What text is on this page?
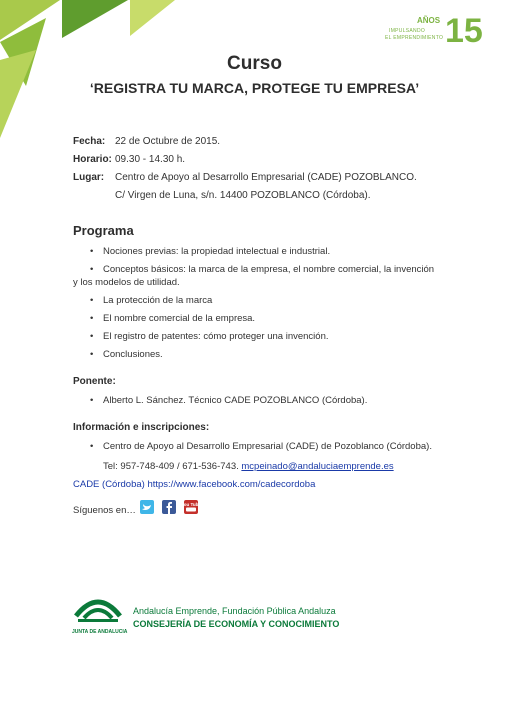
AÑOS 15
IMPULSANDO
EL EMPRENDIMIENTO
Curso
‘REGISTRA TU MARCA, PROTEGE TU EMPRESA’
Fecha: 22 de Octubre de 2015.
Horario: 09.30 - 14.30 h.
Lugar: Centro de Apoyo al Desarrollo Empresarial (CADE) POZOBLANCO.
C/ Virgen de Luna, s/n. 14400 POZOBLANCO (Córdoba).
Programa
• Nociones previas: la propiedad intelectual e industrial.
• Conceptos básicos: la marca de la empresa, el nombre comercial, la invención
y los modelos de utilidad.
• La protección de la marca
• El nombre comercial de la empresa.
• El registro de patentes: cómo proteger una invención.
• Conclusiones.
Ponente:
• Alberto L. Sánchez. Técnico CADE POZOBLANCO (Córdoba).
Información e inscripciones:
• Centro de Apoyo al Desarrollo Empresarial (CADE) de Pozoblanco (Córdoba).
Tel: 957-748-409 / 671-536-743. mcpeinado@andaluciaemprende.es
CADE (Córdoba) https://www.facebook.com/cadecordoba
Síguenos en…
You Tube
JUNTA DE ANDALUCIA
Andalucía Emprende, Fundación Pública Andaluza
CONSEJERÍA DE ECONOMÍA Y CONOCIMIENTO
